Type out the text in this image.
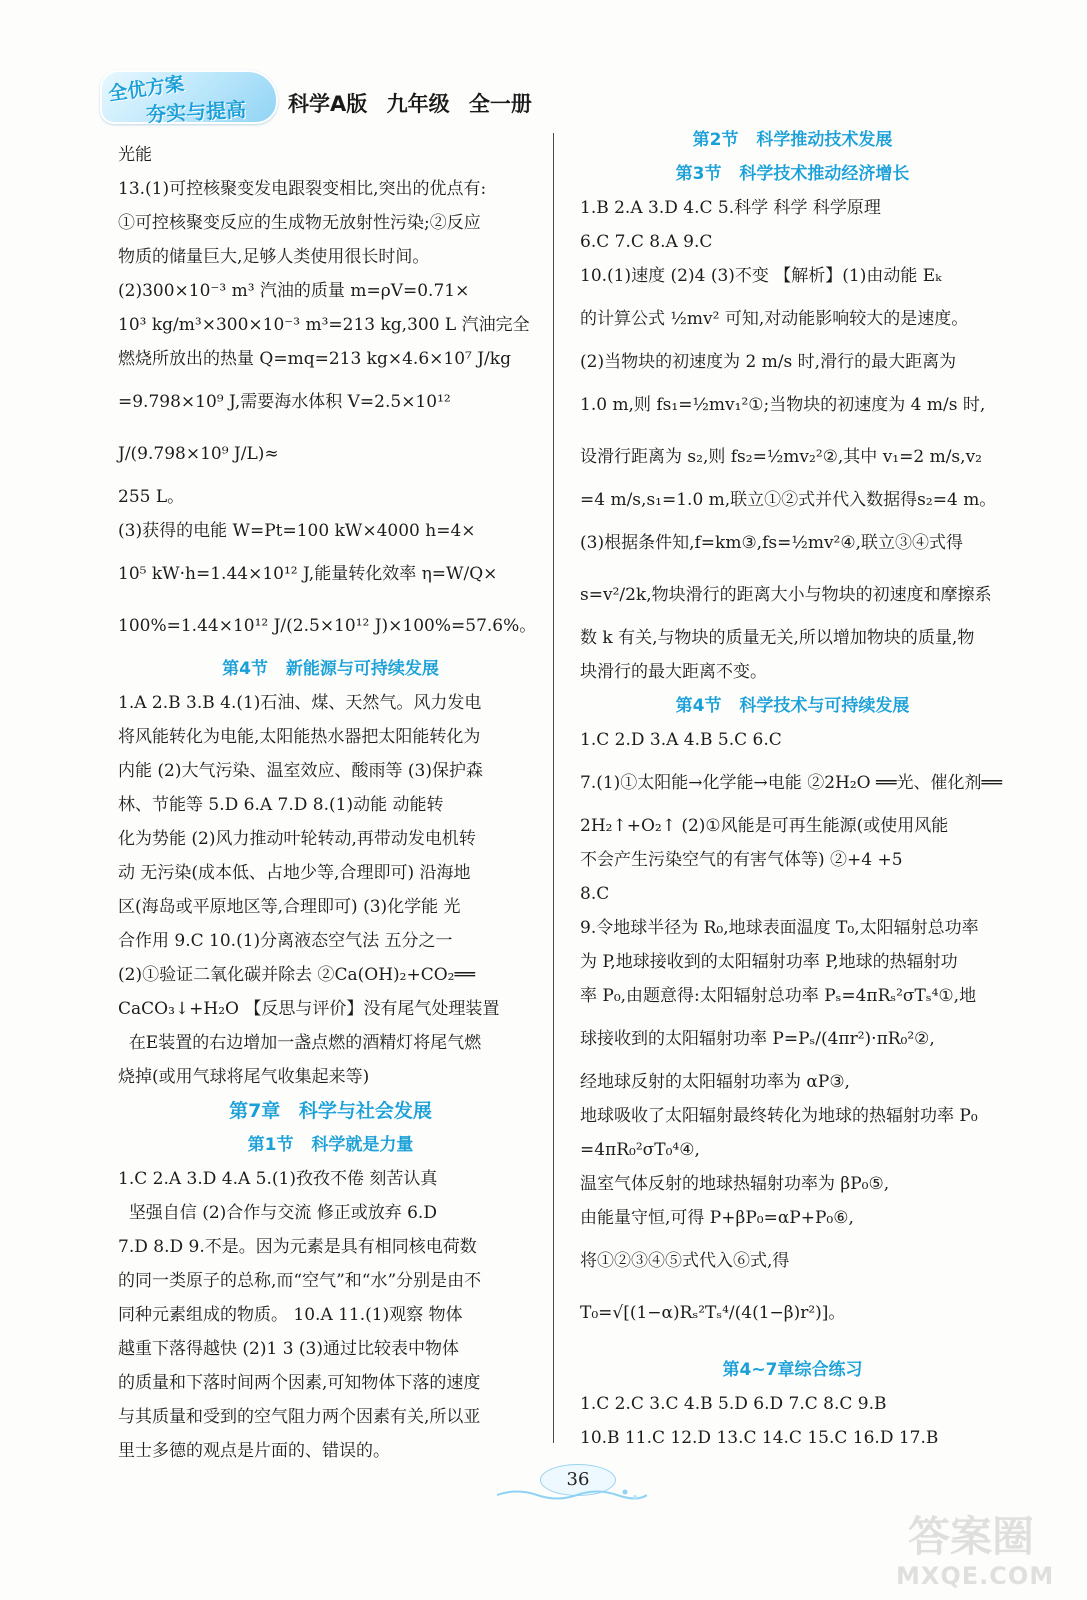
全优方案
夯实与提高 科学A版 九年级 全一册
光能
13.(1)可控核聚变发电跟裂变相比,突出的优点有:
①可控核聚变反应的生成物无放射性污染;②反应
物质的储量巨大,足够人类使用很长时间。
(2)300×10⁻³ m³ 汽油的质量 m=ρV=0.71×
10³ kg/m³×300×10⁻³ m³=213 kg,300 L 汽油完全
燃烧所放出的热量 Q=mq=213 kg×4.6×10⁷ J/kg
=9.798×10⁹ J,需要海水体积 V=2.5×10¹² J/(9.798×10⁹ J/L)≈
255 L。
(3)获得的电能 W=Pt=100 kW×4000 h=4×
10⁵ kW·h=1.44×10¹² J,能量转化效率 η=W/Q×
100%=1.44×10¹² J/(2.5×10¹² J)×100%=57.6%。
第4节 新能源与可持续发展
1.A 2.B 3.B 4.(1)石油、煤、天然气。风力发电
将风能转化为电能,太阳能热水器把太阳能转化为
内能 (2)大气污染、温室效应、酸雨等 (3)保护森
林、节能等 5.D 6.A 7.D 8.(1)动能 动能转
化为势能 (2)风力推动叶轮转动,再带动发电机转
动 无污染(成本低、占地少等,合理即可) 沿海地
区(海岛或平原地区等,合理即可) (3)化学能 光
合作用 9.C 10.(1)分离液态空气法 五分之一
(2)①验证二氧化碳并除去 ②Ca(OH)₂+CO₂══
CaCO₃↓+H₂O 【反思与评价】没有尾气处理装置
在E装置的右边增加一盏点燃的酒精灯将尾气燃
烧掉(或用气球将尾气收集起来等)
第7章 科学与社会发展
第1节 科学就是力量
1.C 2.A 3.D 4.A 5.(1)孜孜不倦 刻苦认真
坚强自信 (2)合作与交流 修正或放弃 6.D
7.D 8.D 9.不是。因为元素是具有相同核电荷数
的同一类原子的总称,而“空气”和“水”分别是由不
同种元素组成的物质。 10.A 11.(1)观察 物体
越重下落得越快 (2)1 3 (3)通过比较表中物体
的质量和下落时间两个因素,可知物体下落的速度
与其质量和受到的空气阻力两个因素有关,所以亚
里士多德的观点是片面的、错误的。
第2节 科学推动技术发展
第3节 科学技术推动经济增长
1.B 2.A 3.D 4.C 5.科学 科学 科学原理
6.C 7.C 8.A 9.C
10.(1)速度 (2)4 (3)不变 【解析】(1)由动能 Eₖ
的计算公式 ½mv² 可知,对动能影响较大的是速度。
(2)当物块的初速度为 2 m/s 时,滑行的最大距离为
1.0 m,则 fs₁=½mv₁²①;当物块的初速度为 4 m/s 时,
设滑行距离为 s₂,则 fs₂=½mv₂²②,其中 v₁=2 m/s,v₂
=4 m/s,s₁=1.0 m,联立①②式并代入数据得s₂=4 m。
(3)根据条件知,f=km③,fs=½mv²④,联立③④式得
s=v²/2k,物块滑行的距离大小与物块的初速度和摩擦系
数 k 有关,与物块的质量无关,所以增加物块的质量,物
块滑行的最大距离不变。
第4节 科学技术与可持续发展
1.C 2.D 3.A 4.B 5.C 6.C
7.(1)①太阳能→化学能→电能 ②2H₂O ══光、催化剂══
2H₂↑+O₂↑ (2)①风能是可再生能源(或使用风能
不会产生污染空气的有害气体等) ②+4 +5
8.C
9.令地球半径为 R₀,地球表面温度 T₀,太阳辐射总功率
为 P,地球接收到的太阳辐射功率 P,地球的热辐射功
率 P₀,由题意得:太阳辐射总功率 Pₛ=4πRₛ²σTₛ⁴①,地
球接收到的太阳辐射功率 P=Pₛ/(4πr²)·πR₀²②,
经地球反射的太阳辐射功率为 αP③,
地球吸收了太阳辐射最终转化为地球的热辐射功率 P₀
=4πR₀²σT₀⁴④,
温室气体反射的地球热辐射功率为 βP₀⑤,
由能量守恒,可得 P+βP₀=αP+P₀⑥,
将①②③④⑤式代入⑥式,得 T₀=√[(1−α)Rₛ²Tₛ⁴/(4(1−β)r²)]。
第4~7章综合练习
1.C 2.C 3.C 4.B 5.D 6.D 7.C 8.C 9.B
10.B 11.C 12.D 13.C 14.C 15.C 16.D 17.B
36
答案圈
MXQE.COM
